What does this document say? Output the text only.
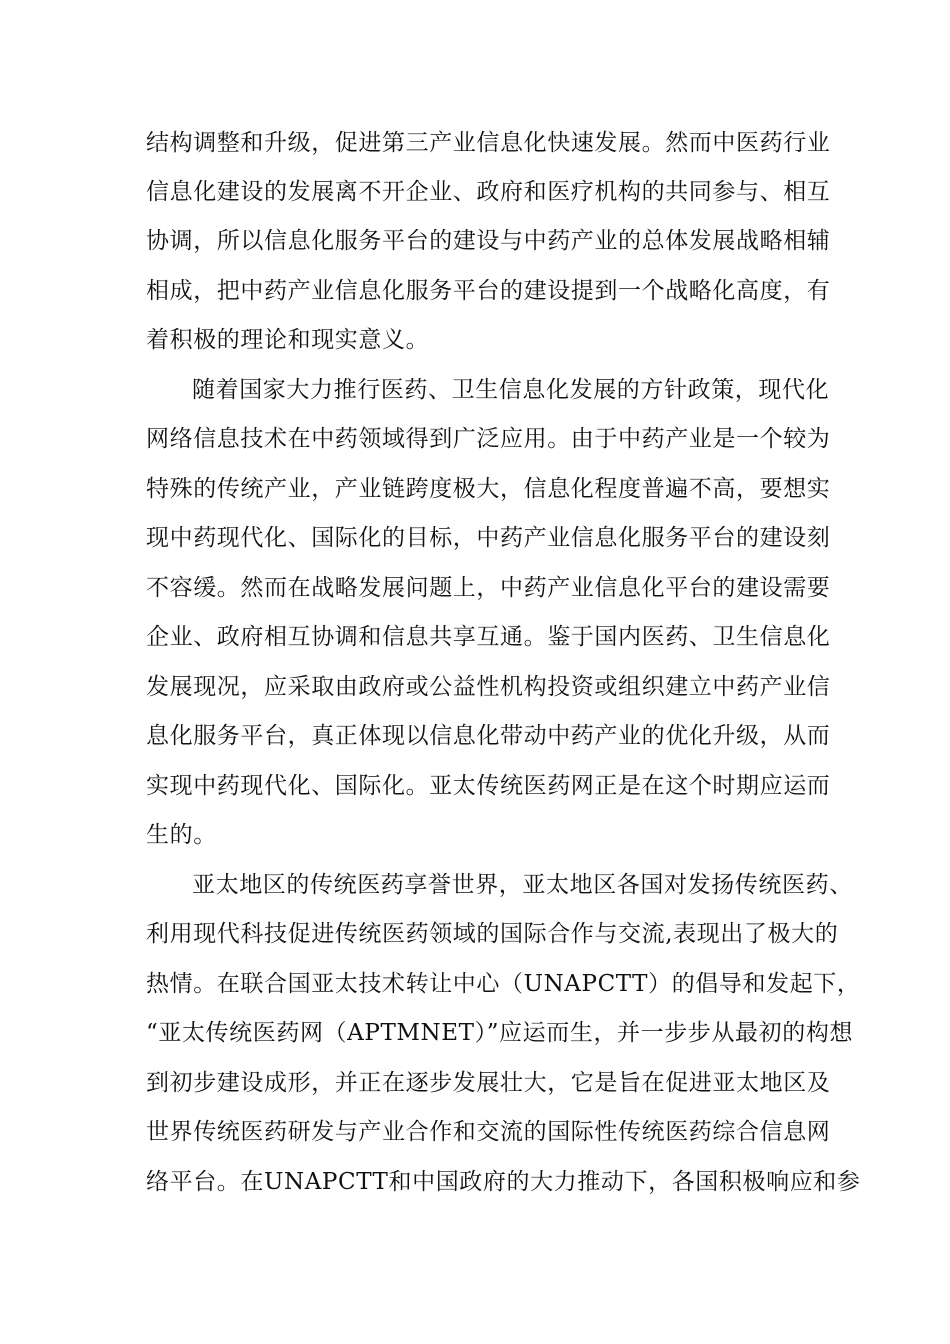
结构调整和升级，促进第三产业信息化快速发展。然而中医药行业
信息化建设的发展离不开企业、政府和医疗机构的共同参与、相互
协调，所以信息化服务平台的建设与中药产业的总体发展战略相辅
相成，把中药产业信息化服务平台的建设提到一个战略化高度，有
着积极的理论和现实意义。
随着国家大力推行医药、卫生信息化发展的方针政策，现代化
网络信息技术在中药领域得到广泛应用。由于中药产业是一个较为
特殊的传统产业，产业链跨度极大，信息化程度普遍不高，要想实
现中药现代化、国际化的目标，中药产业信息化服务平台的建设刻
不容缓。然而在战略发展问题上，中药产业信息化平台的建设需要
企业、政府相互协调和信息共享互通。鉴于国内医药、卫生信息化
发展现况，应采取由政府或公益性机构投资或组织建立中药产业信
息化服务平台，真正体现以信息化带动中药产业的优化升级，从而
实现中药现代化、国际化。亚太传统医药网正是在这个时期应运而
生的。
亚太地区的传统医药享誉世界，亚太地区各国对发扬传统医药、
利用现代科技促进传统医药领域的国际合作与交流,表现出了极大的
热情。在联合国亚太技术转让中心（UNAPCTT）的倡导和发起下，
“亚太传统医药网（APTMNET）”应运而生，并一步步从最初的构想
到初步建设成形，并正在逐步发展壮大，它是旨在促进亚太地区及
世界传统医药研发与产业合作和交流的国际性传统医药综合信息网
络平台。在UNAPCTT和中国政府的大力推动下，各国积极响应和参
